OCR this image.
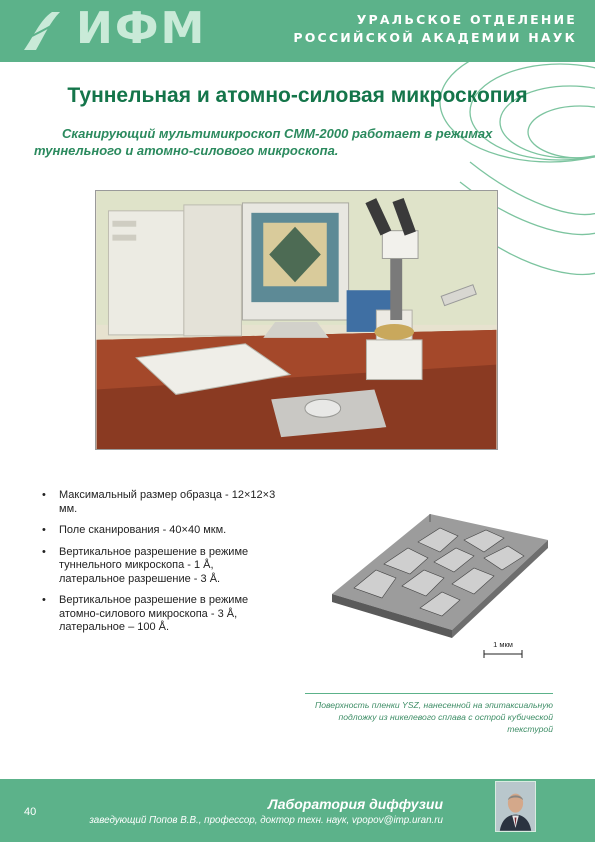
ИФМ	УРАЛЬСКОЕ ОТДЕЛЕНИЕ
РОССИЙСКОЙ АКАДЕМИИ НАУК
Туннельная и атомно-силовая микроскопия
Сканирующий мультимикроскоп СММ-2000 работает в режимах туннельного и атомно-силового микроскопа.
• Максимальный размер образца - 12×12×3 мм.
• Поле сканирования - 40×40 мкм.
• Вертикальное разрешение в режиме туннельного микроскопа - 1 Å, латеральное разрешение - 3 Å.
• Вертикальное разрешение в режиме атомно-силового микроскопа - 3 Å, латеральное – 100 Å.
1 мкм
Поверхность пленки YSZ, нанесенной на эпитаксиальную подложку из никелевого сплава с острой кубической текстурой
40	Лаборатория диффузии
заведующий Попов В.В., профессор, доктор техн. наук, vpopov@imp.uran.ru
